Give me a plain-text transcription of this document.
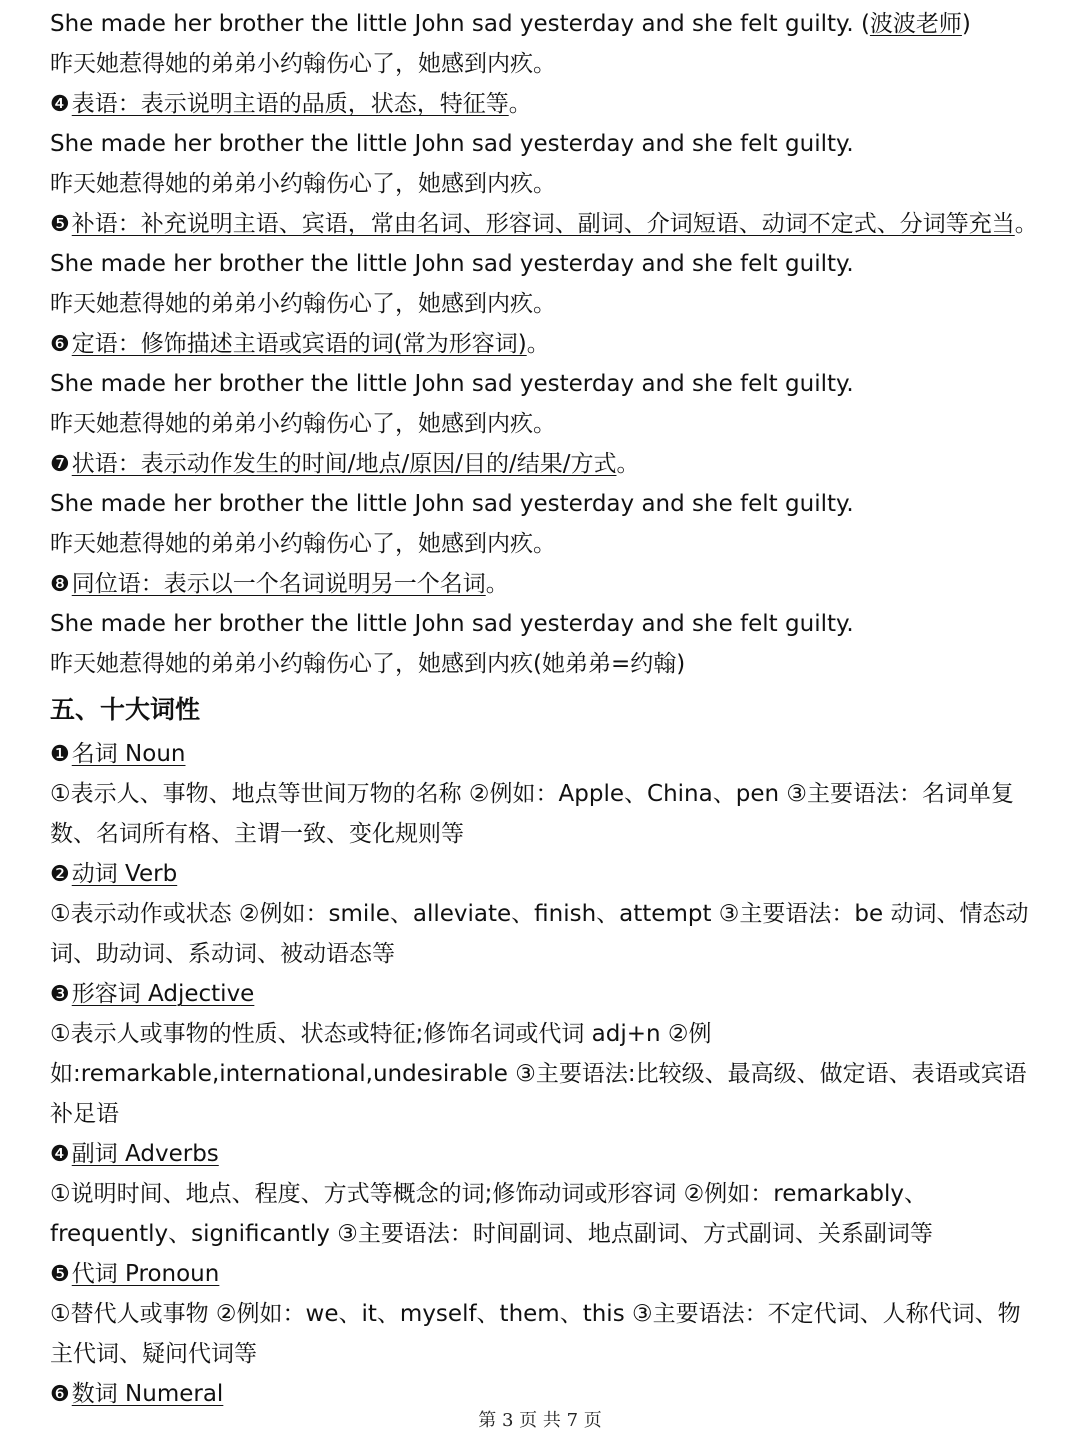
She made her brother the little John sad yesterday and she felt guilty. (波波老师)
昨天她惹得她的弟弟小约翰伤心了，她感到内疚。
❹表语：表示说明主语的品质，状态，特征等。
She made her brother the little John sad yesterday and she felt guilty.
昨天她惹得她的弟弟小约翰伤心了，她感到内疚。
❺补语：补充说明主语、宾语，常由名词、形容词、副词、介词短语、动词不定式、分词等充当。
She made her brother the little John sad yesterday and she felt guilty.
昨天她惹得她的弟弟小约翰伤心了，她感到内疚。
❻定语：修饰描述主语或宾语的词(常为形容词)。
She made her brother the little John sad yesterday and she felt guilty.
昨天她惹得她的弟弟小约翰伤心了，她感到内疚。
❼状语：表示动作发生的时间/地点/原因/目的/结果/方式。
She made her brother the little John sad yesterday and she felt guilty.
昨天她惹得她的弟弟小约翰伤心了，她感到内疚。
❽同位语：表示以一个名词说明另一个名词。
She made her brother the little John sad yesterday and she felt guilty.
昨天她惹得她的弟弟小约翰伤心了，她感到内疚(她弟弟=约翰)
五、十大词性
❶名词 Noun
①表示人、事物、地点等世间万物的名称 ②例如：Apple、China、pen ③主要语法：名词单复数、名词所有格、主谓一致、变化规则等
❷动词 Verb
①表示动作或状态 ②例如：smile、alleviate、finish、attempt ③主要语法：be 动词、情态动词、助动词、系动词、被动语态等
❸形容词 Adjective
①表示人或事物的性质、状态或特征;修饰名词或代词 adj+n ②例如:remarkable,international,undesirable ③主要语法:比较级、最高级、做定语、表语或宾语补足语
❹副词 Adverbs
①说明时间、地点、程度、方式等概念的词;修饰动词或形容词 ②例如：remarkably、frequently、significantly ③主要语法：时间副词、地点副词、方式副词、关系副词等
❺代词 Pronoun
①替代人或事物 ②例如：we、it、myself、them、this ③主要语法：不定代词、人称代词、物主代词、疑问代词等
❻数词 Numeral
第 3 页 共 7 页
